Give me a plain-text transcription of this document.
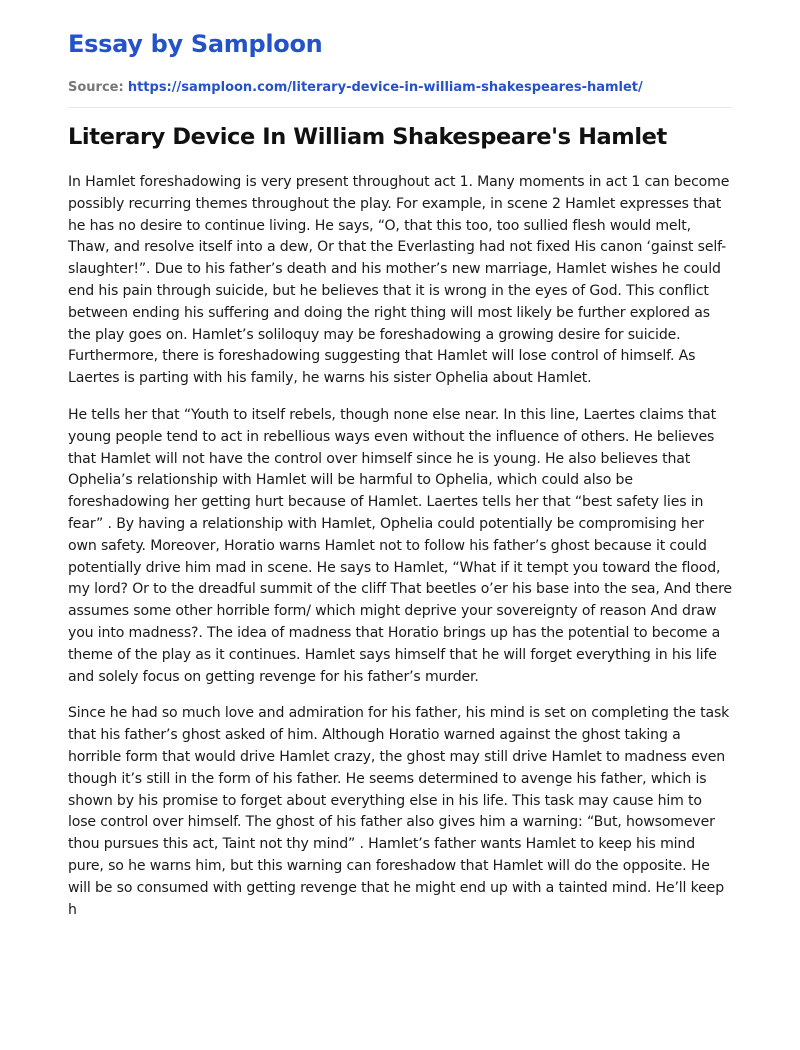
Essay by Samploon
Source: https://samploon.com/literary-device-in-william-shakespeares-hamlet/
Literary Device In William Shakespeare's Hamlet

In Hamlet foreshadowing is very present throughout act 1. Many moments in act 1 can become possibly recurring themes throughout the play. For example, in scene 2 Hamlet expresses that he has no desire to continue living. He says, “O, that this too, too sullied flesh would melt, Thaw, and resolve itself into a dew, Or that the Everlasting had not fixed His canon ‘gainst self-slaughter!”. Due to his father’s death and his mother’s new marriage, Hamlet wishes he could end his pain through suicide, but he believes that it is wrong in the eyes of God. This conflict between ending his suffering and doing the right thing will most likely be further explored as the play goes on. Hamlet’s soliloquy may be foreshadowing a growing desire for suicide. Furthermore, there is foreshadowing suggesting that Hamlet will lose control of himself. As Laertes is parting with his family, he warns his sister Ophelia about Hamlet.

He tells her that “Youth to itself rebels, though none else near. In this line, Laertes claims that young people tend to act in rebellious ways even without the influence of others. He believes that Hamlet will not have the control over himself since he is young. He also believes that Ophelia’s relationship with Hamlet will be harmful to Ophelia, which could also be foreshadowing her getting hurt because of Hamlet. Laertes tells her that “best safety lies in fear” . By having a relationship with Hamlet, Ophelia could potentially be compromising her own safety. Moreover, Horatio warns Hamlet not to follow his father’s ghost because it could potentially drive him mad in scene. He says to Hamlet, “What if it tempt you toward the flood, my lord? Or to the dreadful summit of the cliff That beetles o’er his base into the sea, And there assumes some other horrible form/ which might deprive your sovereignty of reason And draw you into madness?. The idea of madness that Horatio brings up has the potential to become a theme of the play as it continues. Hamlet says himself that he will forget everything in his life and solely focus on getting revenge for his father’s murder.

Since he had so much love and admiration for his father, his mind is set on completing the task that his father’s ghost asked of him. Although Horatio warned against the ghost taking a horrible form that would drive Hamlet crazy, the ghost may still drive Hamlet to madness even though it’s still in the form of his father. He seems determined to avenge his father, which is shown by his promise to forget about everything else in his life. This task may cause him to lose control over himself. The ghost of his father also gives him a warning: “But, howsomever thou pursues this act, Taint not thy mind” . Hamlet’s father wants Hamlet to keep his mind pure, so he warns him, but this warning can foreshadow that Hamlet will do the opposite. He will be so consumed with getting revenge that he might end up with a tainted mind. He’ll keep h
